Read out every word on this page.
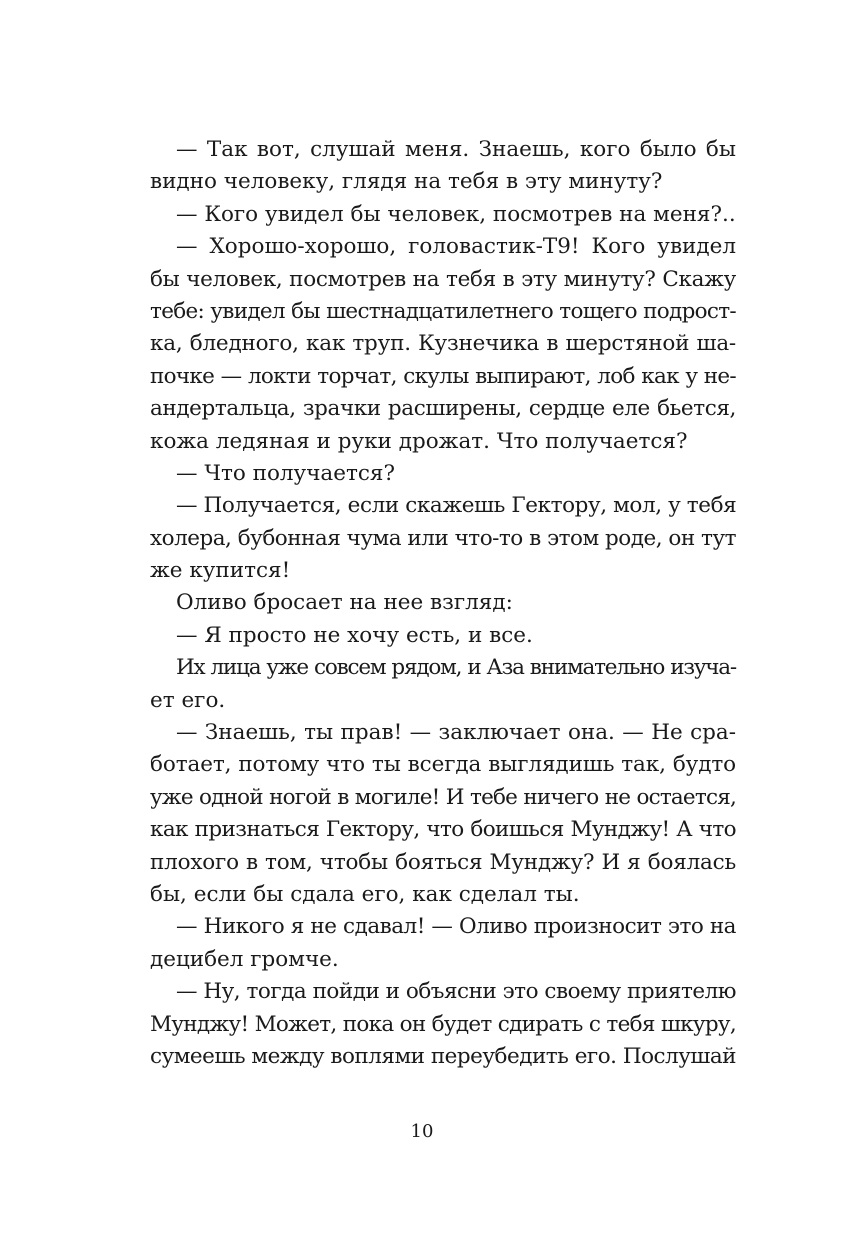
— Так вот, слушай меня. Знаешь, кого было бы
видно человеку, глядя на тебя в эту минуту?
— Кого увидел бы человек, посмотрев на меня?..
— Хорошо-хорошо, головастик-Т9! Кого увидел
бы человек, посмотрев на тебя в эту минуту? Скажу
тебе: увидел бы шестнадцатилетнего тощего подрост-
ка, бледного, как труп. Кузнечика в шерстяной ша-
почке — локти торчат, скулы выпирают, лоб как у не-
андертальца, зрачки расширены, сердце еле бьется,
кожа ледяная и руки дрожат. Что получается?
— Что получается?
— Получается, если скажешь Гектору, мол, у тебя
холера, бубонная чума или что-то в этом роде, он тут
же купится!
Оливо бросает на нее взгляд:
— Я просто не хочу есть, и все.
Их лица уже совсем рядом, и Аза внимательно изуча-
ет его.
— Знаешь, ты прав! — заключает она. — Не сра-
ботает, потому что ты всегда выглядишь так, будто
уже одной ногой в могиле! И тебе ничего не остается,
как признаться Гектору, что боишься Мунджу! А что
плохого в том, чтобы бояться Мунджу? И я боялась
бы, если бы сдала его, как сделал ты.
— Никого я не сдавал! — Оливо произносит это на
децибел громче.
— Ну, тогда пойди и объясни это своему приятелю
Мунджу! Может, пока он будет сдирать с тебя шкуру,
сумеешь между воплями переубедить его. Послушай
10
